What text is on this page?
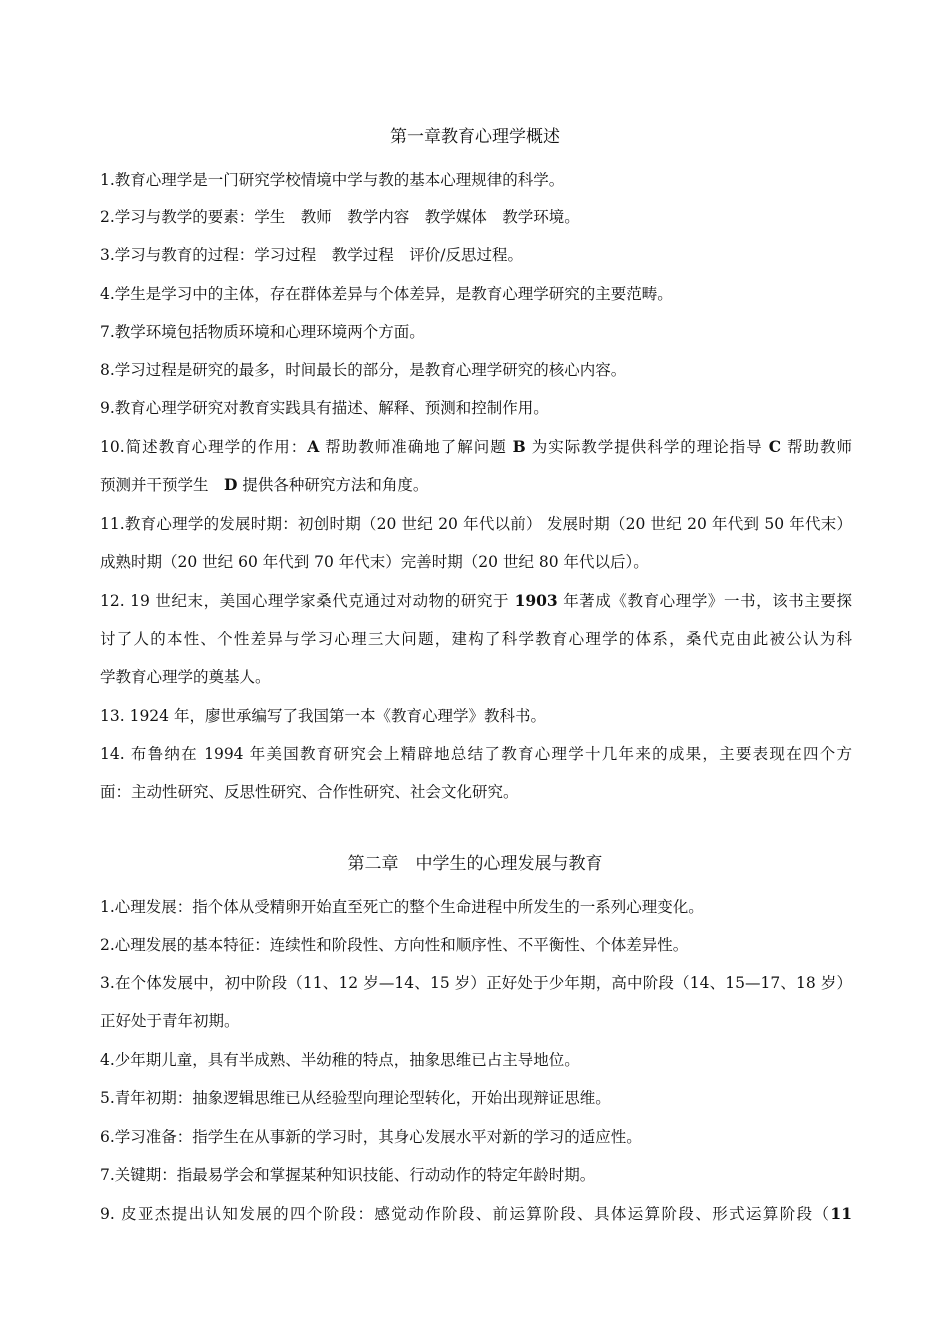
第一章教育心理学概述
1.教育心理学是一门研究学校情境中学与教的基本心理规律的科学。
2.学习与教学的要素：学生　教师　教学内容　教学媒体　教学环境。
3.学习与教育的过程：学习过程　教学过程　评价/反思过程。
4.学生是学习中的主体，存在群体差异与个体差异，是教育心理学研究的主要范畴。
7.教学环境包括物质环境和心理环境两个方面。
8.学习过程是研究的最多，时间最长的部分，是教育心理学研究的核心内容。
9.教育心理学研究对教育实践具有描述、解释、预测和控制作用。
10.简述教育心理学的作用：A 帮助教师准确地了解问题 B 为实际教学提供科学的理论指导 C 帮助教师
预测并干预学生　D 提供各种研究方法和角度。
11.教育心理学的发展时期：初创时期（20 世纪 20 年代以前） 发展时期（20 世纪 20 年代到 50 年代末）
成熟时期（20 世纪 60 年代到 70 年代末）完善时期（20 世纪 80 年代以后）。
12. 19 世纪末，美国心理学家桑代克通过对动物的研究于 1903 年著成《教育心理学》一书，该书主要探
讨了人的本性、个性差异与学习心理三大问题，建构了科学教育心理学的体系，桑代克由此被公认为科
学教育心理学的奠基人。
13. 1924 年，廖世承编写了我国第一本《教育心理学》教科书。
14. 布鲁纳在 1994 年美国教育研究会上精辟地总结了教育心理学十几年来的成果，主要表现在四个方
面：主动性研究、反思性研究、合作性研究、社会文化研究。
第二章　中学生的心理发展与教育
1.心理发展：指个体从受精卵开始直至死亡的整个生命进程中所发生的一系列心理变化。
2.心理发展的基本特征：连续性和阶段性、方向性和顺序性、不平衡性、个体差异性。
3.在个体发展中，初中阶段（11、12 岁—14、15 岁）正好处于少年期，高中阶段（14、15—17、18 岁）
正好处于青年初期。
4.少年期儿童，具有半成熟、半幼稚的特点，抽象思维已占主导地位。
5.青年初期：抽象逻辑思维已从经验型向理论型转化，开始出现辩证思维。
6.学习准备：指学生在从事新的学习时，其身心发展水平对新的学习的适应性。
7.关键期：指最易学会和掌握某种知识技能、行动动作的特定年龄时期。
9. 皮亚杰提出认知发展的四个阶段：感觉动作阶段、前运算阶段、具体运算阶段、形式运算阶段（11
